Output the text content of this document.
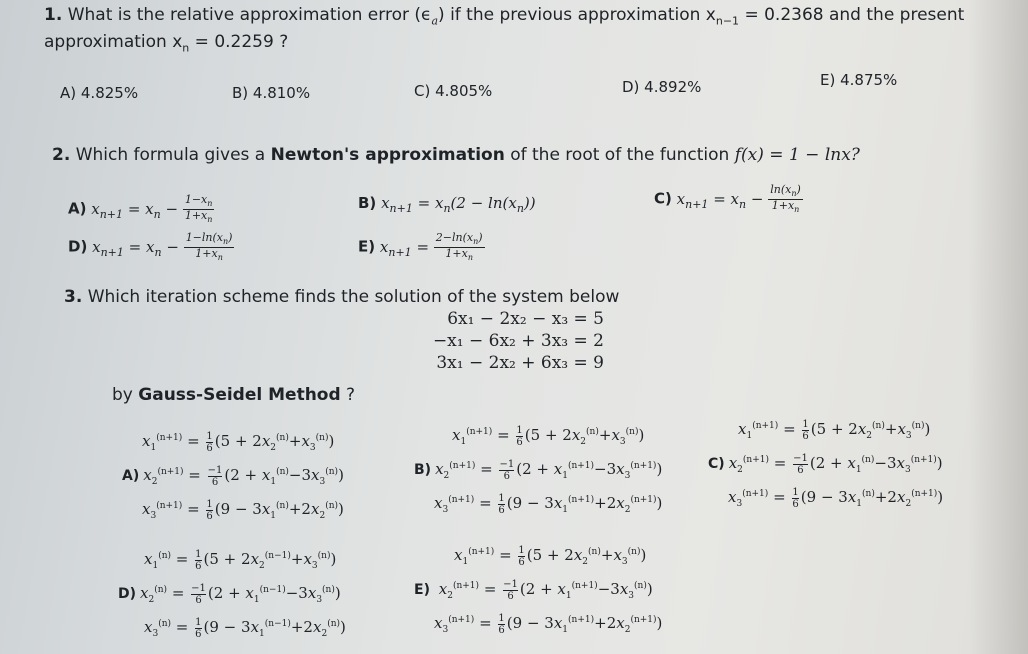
1. What is the relative approximation error $(\epsilon_a)$ if the previous approximation $x_{n-1} = 0.2368$ and the present
approximation $x_n = 0.2259$ ?
A) 4.825%	B) 4.810%	C) 4.805%	D) 4.892%	E) 4.875%
2. Which formula gives a Newton's approximation of the root of the function f(x) = 1 − lnx?
A) $x_{n+1} = x_n - \frac{1-x_n}{1+x_n}$	B) $x_{n+1} = x_n(2 - \ln(x_n))$	C) $x_{n+1} = x_n - \frac{\ln(x_n)}{1+x_n}$
D) $x_{n+1} = x_n - \frac{1-\ln(x_n)}{1+x_n}$	E) $x_{n+1} = \frac{2-\ln(x_n)}{1+x_n}$
3. Which iteration scheme finds the solution of the system below
6x₁ − 2x₂ − x₃ = 5
−x₁ − 6x₂ + 3x₃ = 2
3x₁ − 2x₂ + 6x₃ = 9
by Gauss-Seidel Method ?
$x_1^{(n+1)} = \frac{1}{6} (5 + 2x_2^{(n)}+x_3^{(n)})$
A) $x_2^{(n+1)} = \frac{-1}{6} (2 + x_1^{(n)}-3x_3^{(n)})$
$x_3^{(n+1)} = \frac{1}{6} (9 - 3x_1^{(n)}+2x_2^{(n)})$
$x_1^{(n+1)} = \frac{1}{6} (5 + 2x_2^{(n)}+x_3^{(n)})$
B) $x_2^{(n+1)} = \frac{-1}{6} (2 + x_1^{(n+1)}-3x_3^{(n+1)})$
$x_3^{(n+1)} = \frac{1}{6} (9 - 3x_1^{(n+1)}+2x_2^{(n+1)})$
$x_1^{(n+1)} = \frac{1}{6} (5 + 2x_2^{(n)}+x_3^{(n)})$
C) $x_2^{(n+1)} = \frac{-1}{6} (2 + x_1^{(n)}-3x_3^{(n+1)})$
$x_3^{(n+1)} = \frac{1}{6} (9 - 3x_1^{(n)}+2x_2^{(n+1)})$
$x_1^{(n)} = \frac{1}{6} (5 + 2x_2^{(n-1)}+x_3^{(n)})$
D) $x_2^{(n)} = \frac{-1}{6} (2 + x_1^{(n-1)}-3x_3^{(n)})$
$x_3^{(n)} = \frac{1}{6} (9 - 3x_1^{(n-1)}+2x_2^{(n)})$
$x_1^{(n+1)} = \frac{1}{6} (5 + 2x_2^{(n)}+x_3^{(n)})$
E) $x_2^{(n+1)} = \frac{-1}{6} (2 + x_1^{(n+1)}-3x_3^{(n)})$
$x_3^{(n+1)} = \frac{1}{6} (9 - 3x_1^{(n+1)}+2x_2^{(n+1)})$
